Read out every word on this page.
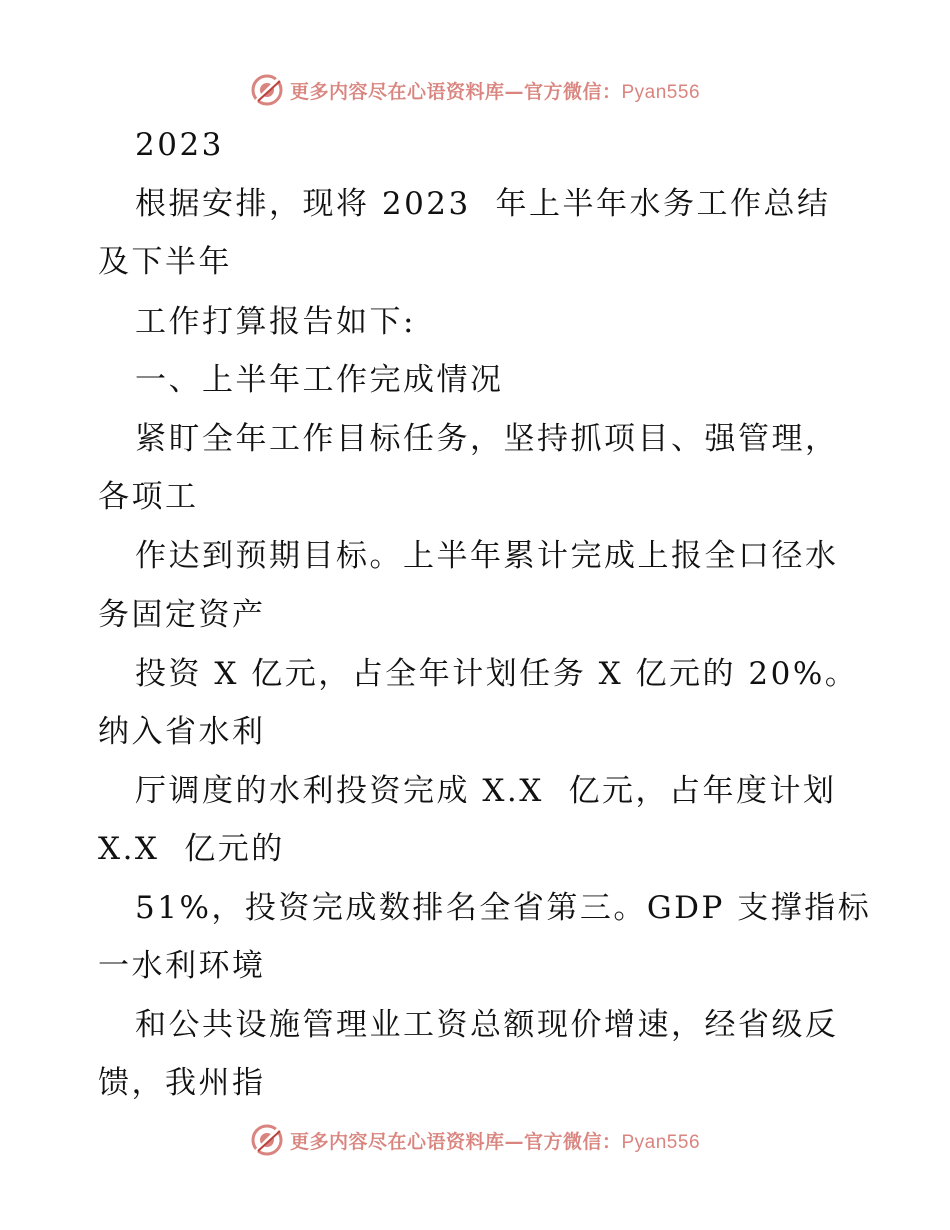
更多内容尽在心语资料库—官方微信：Pyan556
2023
根据安排，现将 2023  年上半年水务工作总结
及下半年
工作打算报告如下:
一、上半年工作完成情况
紧盯全年工作目标任务，坚持抓项目、强管理，
各项工
作达到预期目标。上半年累计完成上报全口径水
务固定资产
投资 X 亿元，占全年计划任务 X 亿元的 20%。
纳入省水利
厅调度的水利投资完成 X.X  亿元，占年度计划
X.X  亿元的
51%，投资完成数排名全省第三。GDP 支撑指标
一水利环境
和公共设施管理业工资总额现价增速，经省级反
馈，我州指
更多内容尽在心语资料库—官方微信：Pyan556
